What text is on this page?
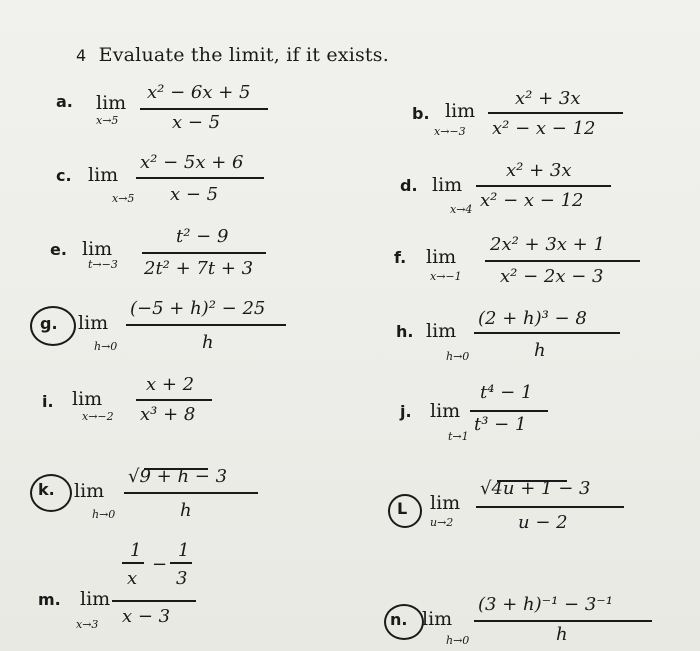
4 Evaluate the limit, if it exists.
a. lim
x→5
x² − 6x + 5
x − 5	b. lim
x→−3
x² + 3x
x² − x − 12
c. lim
x→5
x² − 5x + 6
x − 5	d. lim
x→4
x² + 3x
x² − x − 12
e. lim
t→−3
t² − 9
2t² + 7t + 3
f. lim
x→−1
2x² + 3x + 1
x² − 2x − 3
g. lim
h→0
(−5 + h)² − 25
h
h. lim
h→0
(2 + h)³ − 8
h
i. lim
x→−2
x + 2
x³ + 8	j. lim
t→1
t⁴ − 1
t³ − 1
k. lim
h→0
√9 + h − 3
h	L lim
u→2
√4u + 1 − 3
u − 2
m. lim
x→3
1
x
−
1
3
x − 3	n. lim
h→0
(3 + h)⁻¹ − 3⁻¹
h
